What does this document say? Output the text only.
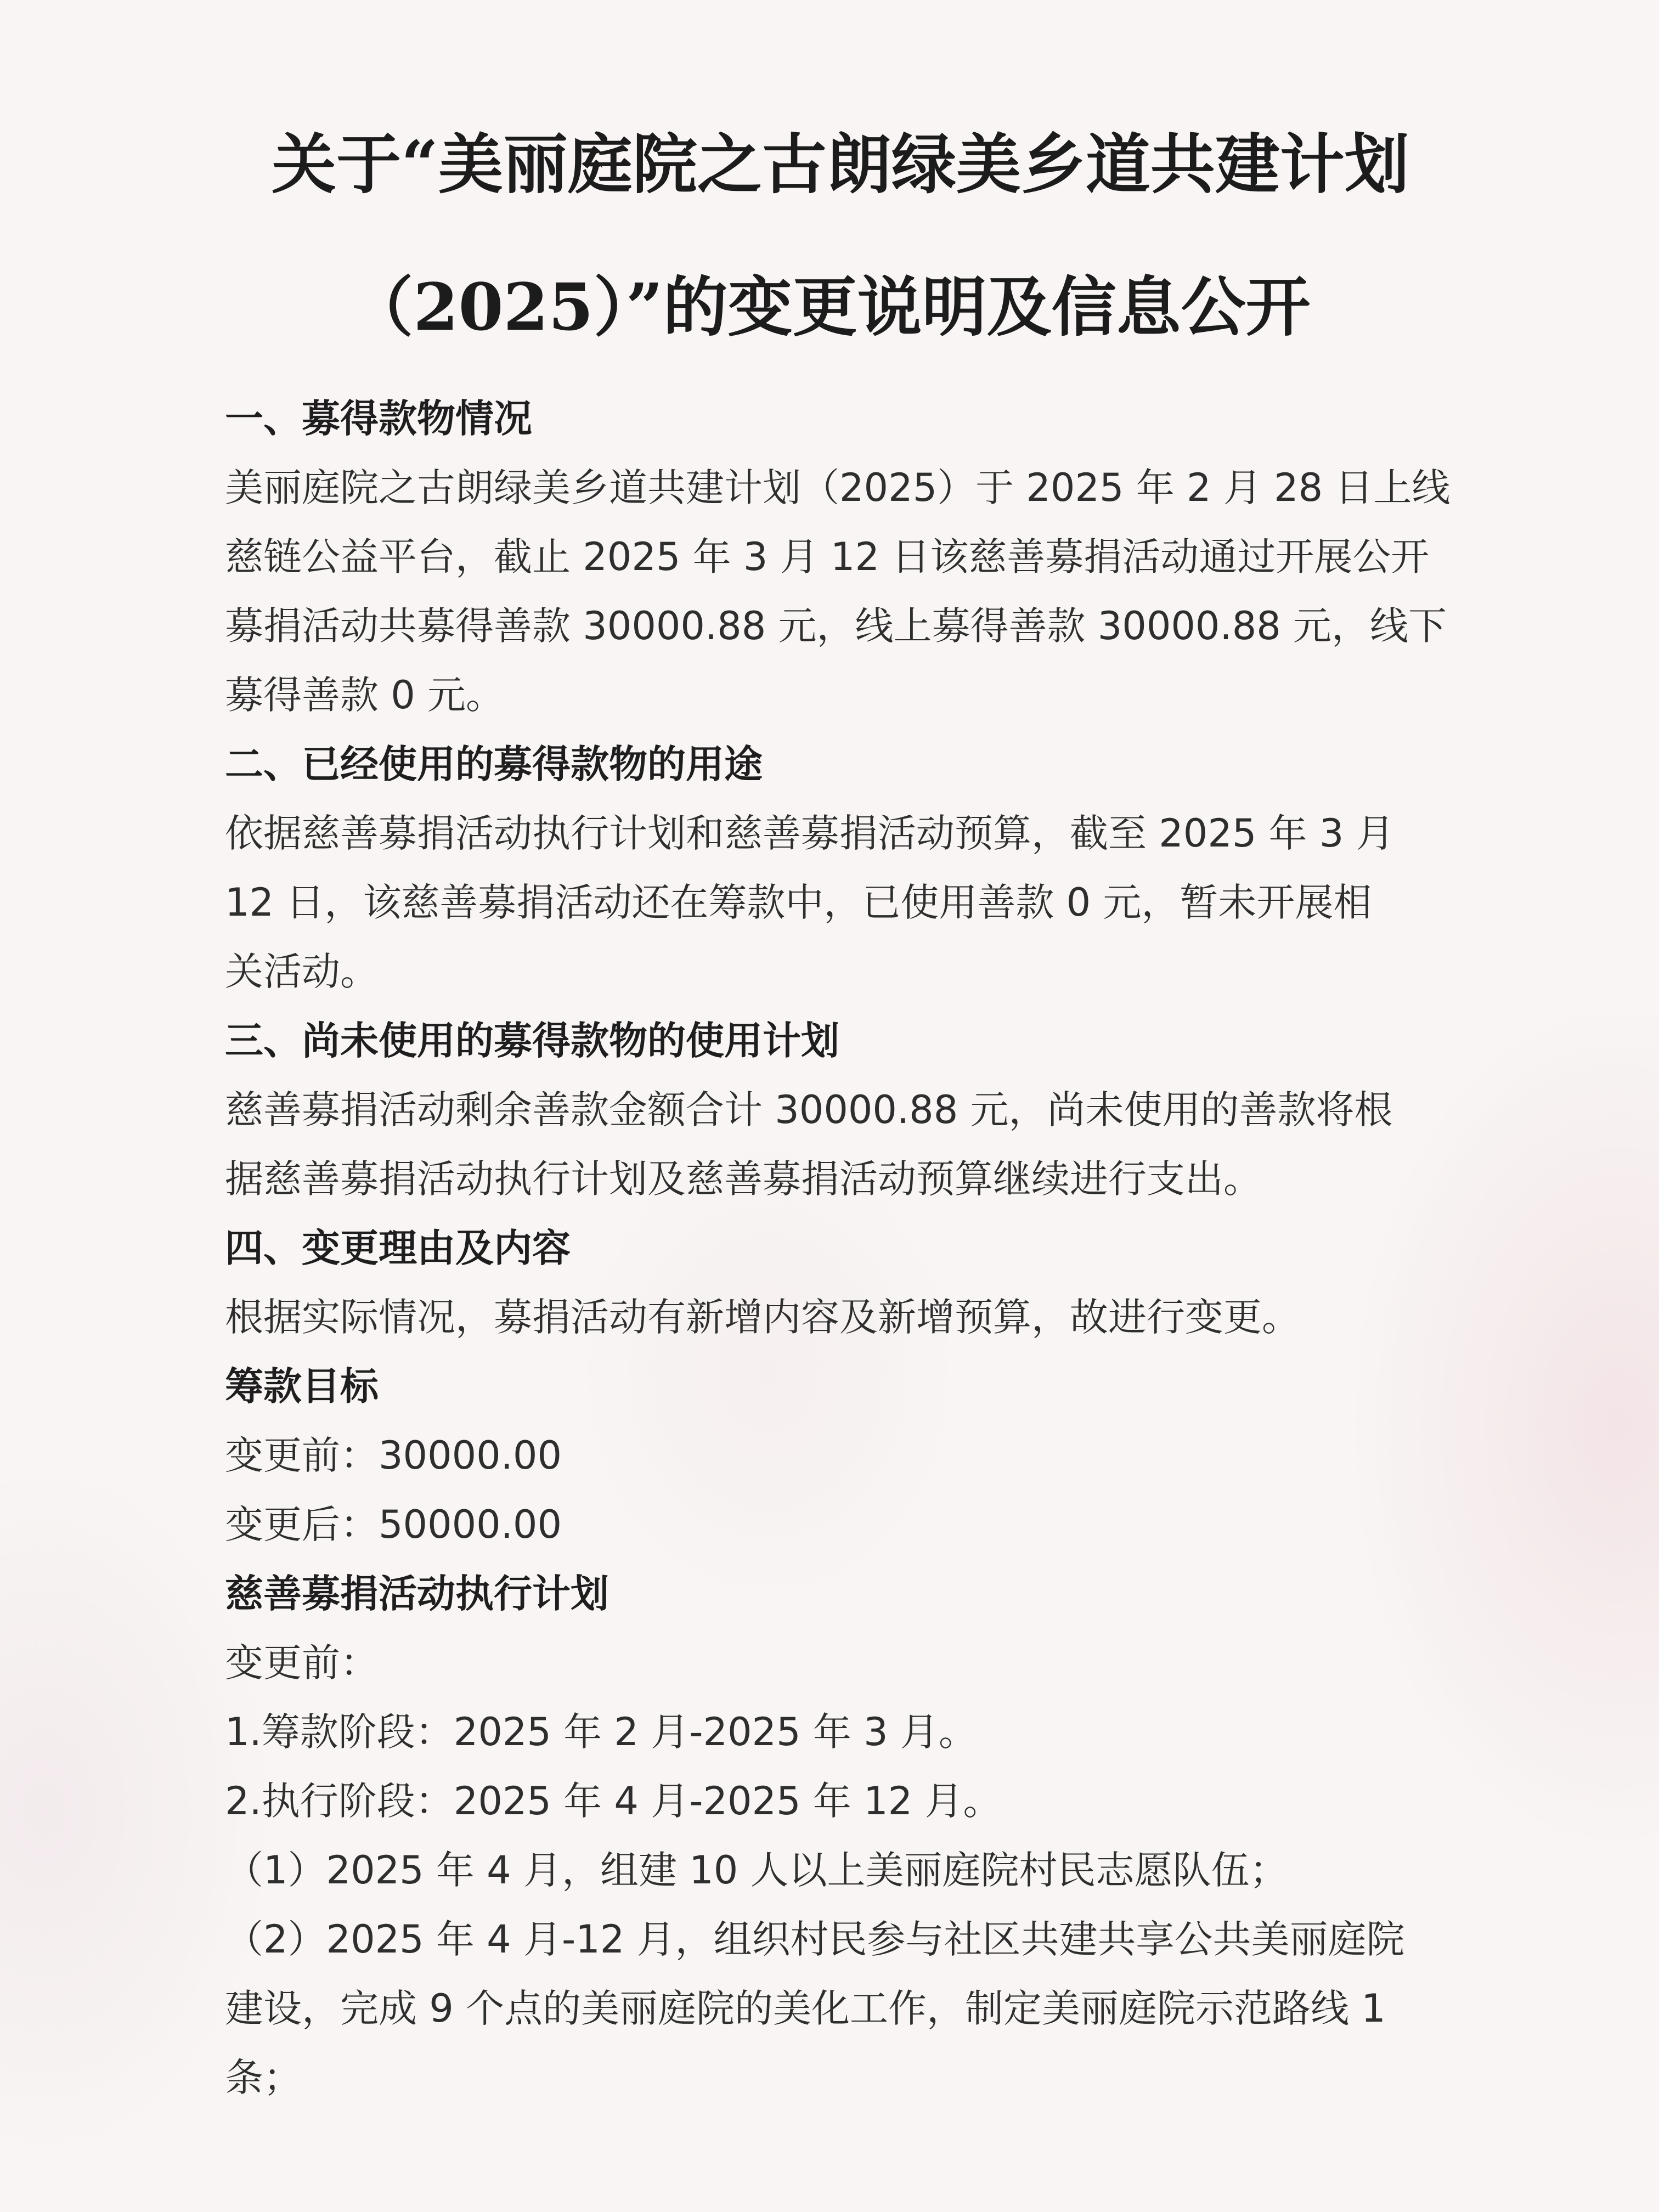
关于“美丽庭院之古朗绿美乡道共建计划
（2025）”的变更说明及信息公开
一、募得款物情况
美丽庭院之古朗绿美乡道共建计划（2025）于 2025 年 2 月 28 日上线
慈链公益平台，截止 2025 年 3 月 12 日该慈善募捐活动通过开展公开
募捐活动共募得善款 30000.88 元，线上募得善款 30000.88 元，线下
募得善款 0 元。
二、已经使用的募得款物的用途
依据慈善募捐活动执行计划和慈善募捐活动预算，截至 2025 年 3 月
12 日，该慈善募捐活动还在筹款中，已使用善款 0 元，暂未开展相
关活动。
三、尚未使用的募得款物的使用计划
慈善募捐活动剩余善款金额合计 30000.88 元，尚未使用的善款将根
据慈善募捐活动执行计划及慈善募捐活动预算继续进行支出。
四、变更理由及内容
根据实际情况，募捐活动有新增内容及新增预算，故进行变更。
筹款目标
变更前：30000.00
变更后：50000.00
慈善募捐活动执行计划
变更前：
1.筹款阶段：2025 年 2 月-2025 年 3 月。
2.执行阶段：2025 年 4 月-2025 年 12 月。
（1）2025 年 4 月，组建 10 人以上美丽庭院村民志愿队伍；
（2）2025 年 4 月-12 月，组织村民参与社区共建共享公共美丽庭院
建设，完成 9 个点的美丽庭院的美化工作，制定美丽庭院示范路线 1
条；
